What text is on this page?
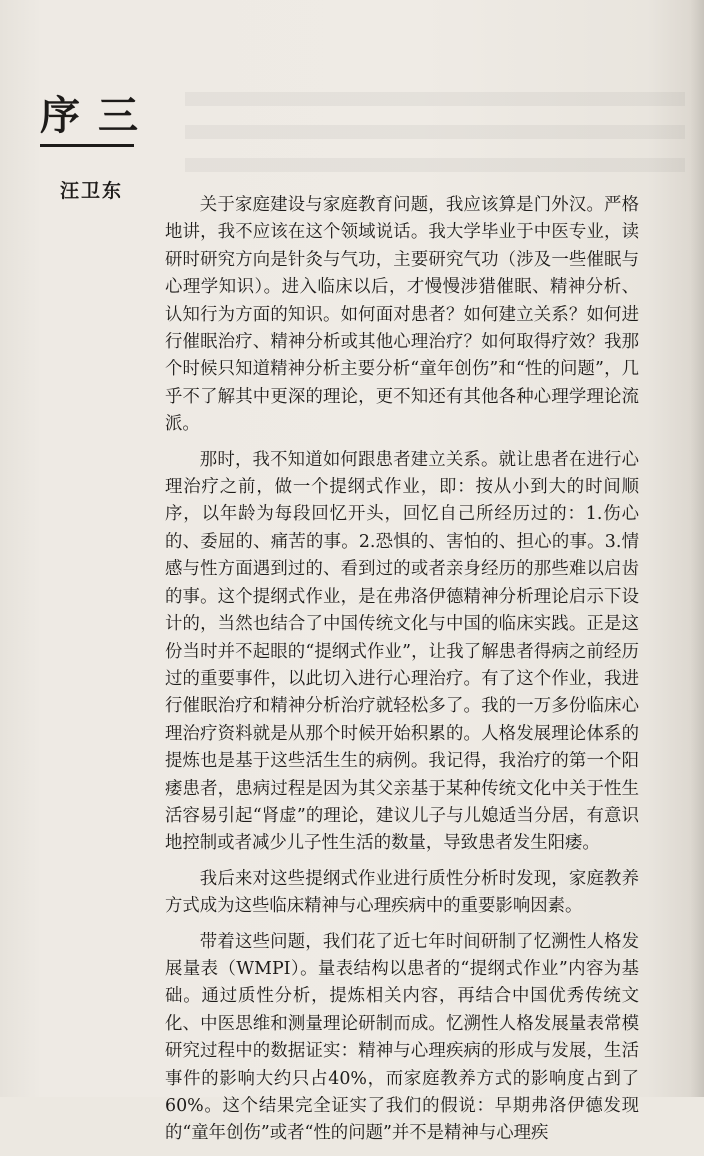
序三
汪卫东

关于家庭建设与家庭教育问题，我应该算是门外汉。严格地讲，我不应该在这个领域说话。我大学毕业于中医专业，读研时研究方向是针灸与气功，主要研究气功（涉及一些催眠与心理学知识）。进入临床以后，才慢慢涉猎催眠、精神分析、认知行为方面的知识。如何面对患者？如何建立关系？如何进行催眠治疗、精神分析或其他心理治疗？如何取得疗效？我那个时候只知道精神分析主要分析“童年创伤”和“性的问题”，几乎不了解其中更深的理论，更不知还有其他各种心理学理论流派。

那时，我不知道如何跟患者建立关系。就让患者在进行心理治疗之前，做一个提纲式作业，即：按从小到大的时间顺序，以年龄为每段回忆开头，回忆自己所经历过的：1.伤心的、委屈的、痛苦的事。2.恐惧的、害怕的、担心的事。3.情感与性方面遇到过的、看到过的或者亲身经历的那些难以启齿的事。这个提纲式作业，是在弗洛伊德精神分析理论启示下设计的，当然也结合了中国传统文化与中国的临床实践。正是这份当时并不起眼的“提纲式作业”，让我了解患者得病之前经历过的重要事件，以此切入进行心理治疗。有了这个作业，我进行催眠治疗和精神分析治疗就轻松多了。我的一万多份临床心理治疗资料就是从那个时候开始积累的。人格发展理论体系的提炼也是基于这些活生生的病例。我记得，我治疗的第一个阳痿患者，患病过程是因为其父亲基于某种传统文化中关于性生活容易引起“肾虚”的理论，建议儿子与儿媳适当分居，有意识地控制或者减少儿子性生活的数量，导致患者发生阳痿。

我后来对这些提纲式作业进行质性分析时发现，家庭教养方式成为这些临床精神与心理疾病中的重要影响因素。

带着这些问题，我们花了近七年时间研制了忆溯性人格发展量表（WMPI）。量表结构以患者的“提纲式作业”内容为基础。通过质性分析，提炼相关内容，再结合中国优秀传统文化、中医思维和测量理论研制而成。忆溯性人格发展量表常模研究过程中的数据证实：精神与心理疾病的形成与发展，生活事件的影响大约只占40%，而家庭教养方式的影响度占到了60%。这个结果完全证实了我们的假说：早期弗洛伊德发现的“童年创伤”或者“性的问题”并不是精神与心理疾
